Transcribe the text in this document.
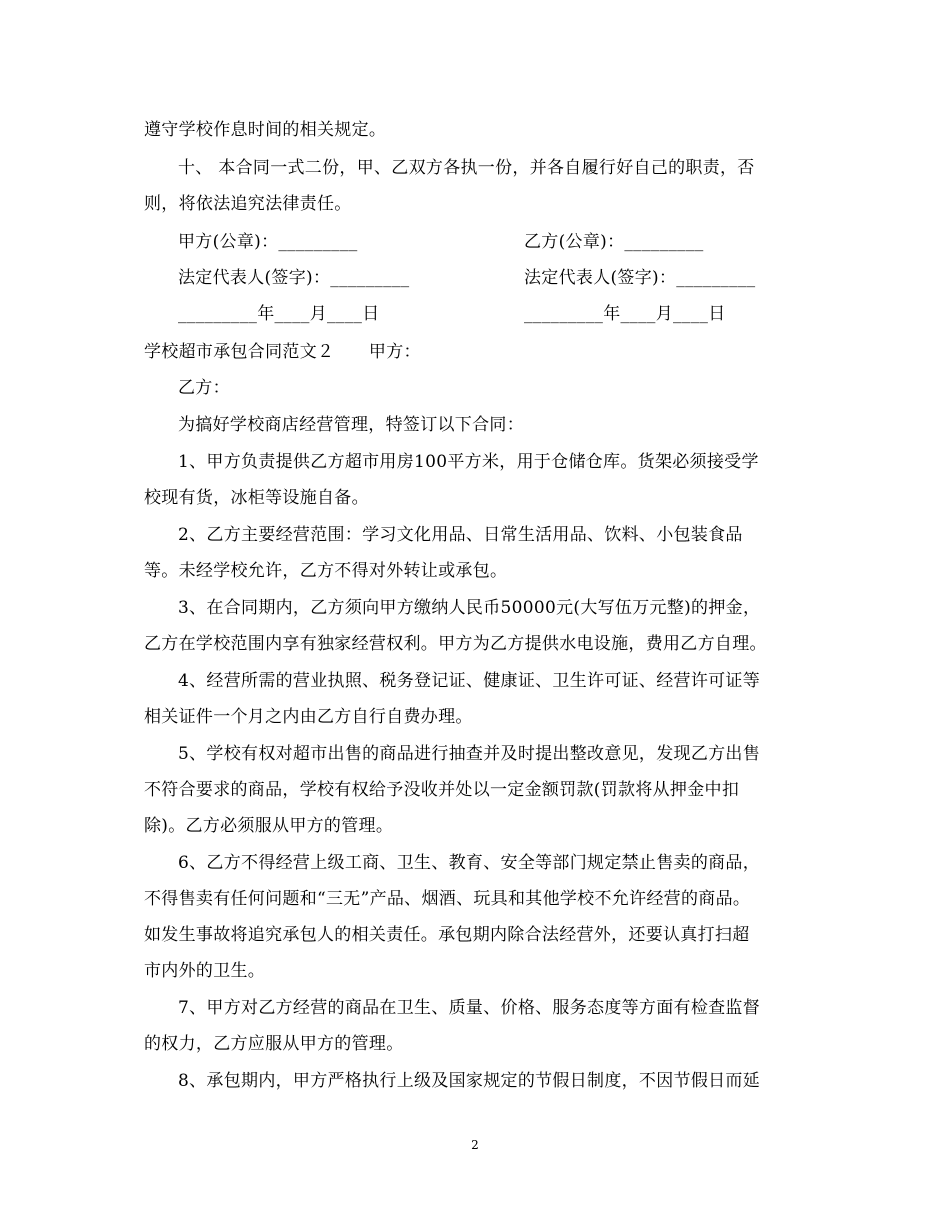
遵守学校作息时间的相关规定。
十、 本合同一式二份，甲、乙双方各执一份，并各自履行好自己的职责，否
则，将依法追究法律责任。
甲方(公章)：_________	乙方(公章)：_________
法定代表人(签字)：_________	法定代表人(签字)：_________
_________年____月____日	_________年____月____日
学校超市承包合同范文２　　甲方：
乙方：
为搞好学校商店经营管理，特签订以下合同：
1、甲方负责提供乙方超市用房100平方米，用于仓储仓库。货架必须接受学
校现有货，冰柜等设施自备。
2、乙方主要经营范围：学习文化用品、日常生活用品、饮料、小包装食品
等。未经学校允许，乙方不得对外转让或承包。
3、在合同期内，乙方须向甲方缴纳人民币50000元(大写伍万元整)的押金，
乙方在学校范围内享有独家经营权利。甲方为乙方提供水电设施，费用乙方自理。
4、经营所需的营业执照、税务登记证、健康证、卫生许可证、经营许可证等
相关证件一个月之内由乙方自行自费办理。
5、学校有权对超市出售的商品进行抽查并及时提出整改意见，发现乙方出售
不符合要求的商品，学校有权给予没收并处以一定金额罚款(罚款将从押金中扣
除)。乙方必须服从甲方的管理。
6、乙方不得经营上级工商、卫生、教育、安全等部门规定禁止售卖的商品，
不得售卖有任何问题和“三无”产品、烟酒、玩具和其他学校不允许经营的商品。
如发生事故将追究承包人的相关责任。承包期内除合法经营外，还要认真打扫超
市内外的卫生。
7、甲方对乙方经营的商品在卫生、质量、价格、服务态度等方面有检查监督
的权力，乙方应服从甲方的管理。
8、承包期内，甲方严格执行上级及国家规定的节假日制度，不因节假日而延
2
